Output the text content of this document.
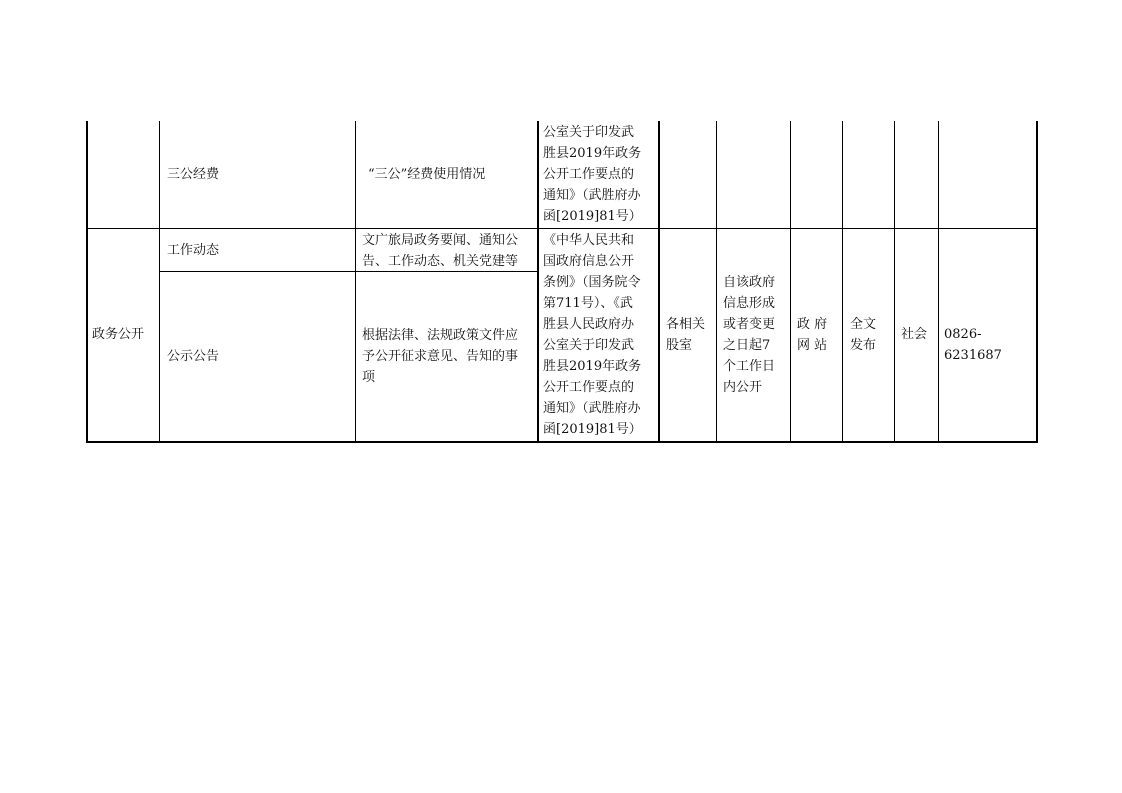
三公经费	“三公”经费使用情况
公室关于印发武
胜县2019年政务
公开工作要点的
通知》（武胜府办
函[2019]81号）
政务公开
工作动态
文广旅局政务要闻、通知公
告、工作动态、机关党建等
公示公告
根据法律、法规政策文件应
予公开征求意见、告知的事
项
《中华人民共和
国政府信息公开
条例》（国务院令
第711号）、《武
胜县人民政府办
公室关于印发武
胜县2019年政务
公开工作要点的
通知》（武胜府办
函[2019]81号）
各相关
股室
自该政府
信息形成
或者变更
之日起7
个工作日
内公开
政 府
网 站
全文
发布
社会	0826-6231687
